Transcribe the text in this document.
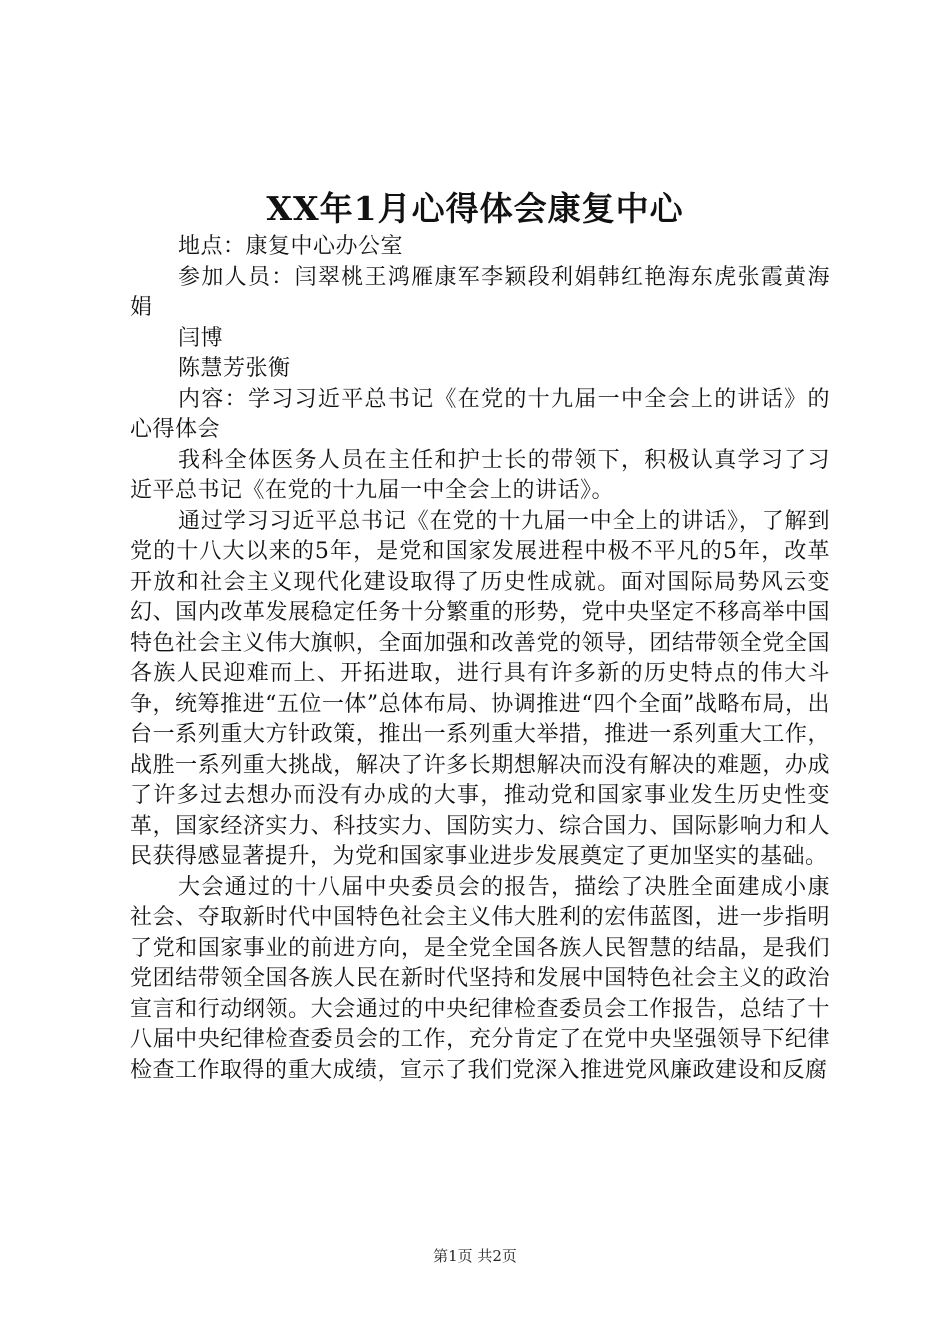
XX年1月心得体会康复中心

地点：康复中心办公室

参加人员：闫翠桃王鸿雁康军李颖段利娟韩红艳海东虎张霞黄海娟

闫博

陈慧芳张衡

内容：学习习近平总书记《在党的十九届一中全会上的讲话》的心得体会

我科全体医务人员在主任和护士长的带领下，积极认真学习了习近平总书记《在党的十九届一中全会上的讲话》。

通过学习习近平总书记《在党的十九届一中全上的讲话》，了解到党的十八大以来的5年，是党和国家发展进程中极不平凡的5年，改革开放和社会主义现代化建设取得了历史性成就。面对国际局势风云变幻、国内改革发展稳定任务十分繁重的形势，党中央坚定不移高举中国特色社会主义伟大旗帜，全面加强和改善党的领导，团结带领全党全国各族人民迎难而上、开拓进取，进行具有许多新的历史特点的伟大斗争，统筹推进“五位一体”总体布局、协调推进“四个全面”战略布局，出台一系列重大方针政策，推出一系列重大举措，推进一系列重大工作，战胜一系列重大挑战，解决了许多长期想解决而没有解决的难题，办成了许多过去想办而没有办成的大事，推动党和国家事业发生历史性变革，国家经济实力、科技实力、国防实力、综合国力、国际影响力和人民获得感显著提升，为党和国家事业进步发展奠定了更加坚实的基础。

大会通过的十八届中央委员会的报告，描绘了决胜全面建成小康社会、夺取新时代中国特色社会主义伟大胜利的宏伟蓝图，进一步指明了党和国家事业的前进方向，是全党全国各族人民智慧的结晶，是我们党团结带领全国各族人民在新时代坚持和发展中国特色社会主义的政治宣言和行动纲领。大会通过的中央纪律检查委员会工作报告，总结了十八届中央纪律检查委员会的工作，充分肯定了在党中央坚强领导下纪律检查工作取得的重大成绩，宣示了我们党深入推进党风廉政建设和反腐

第1页 共2页
